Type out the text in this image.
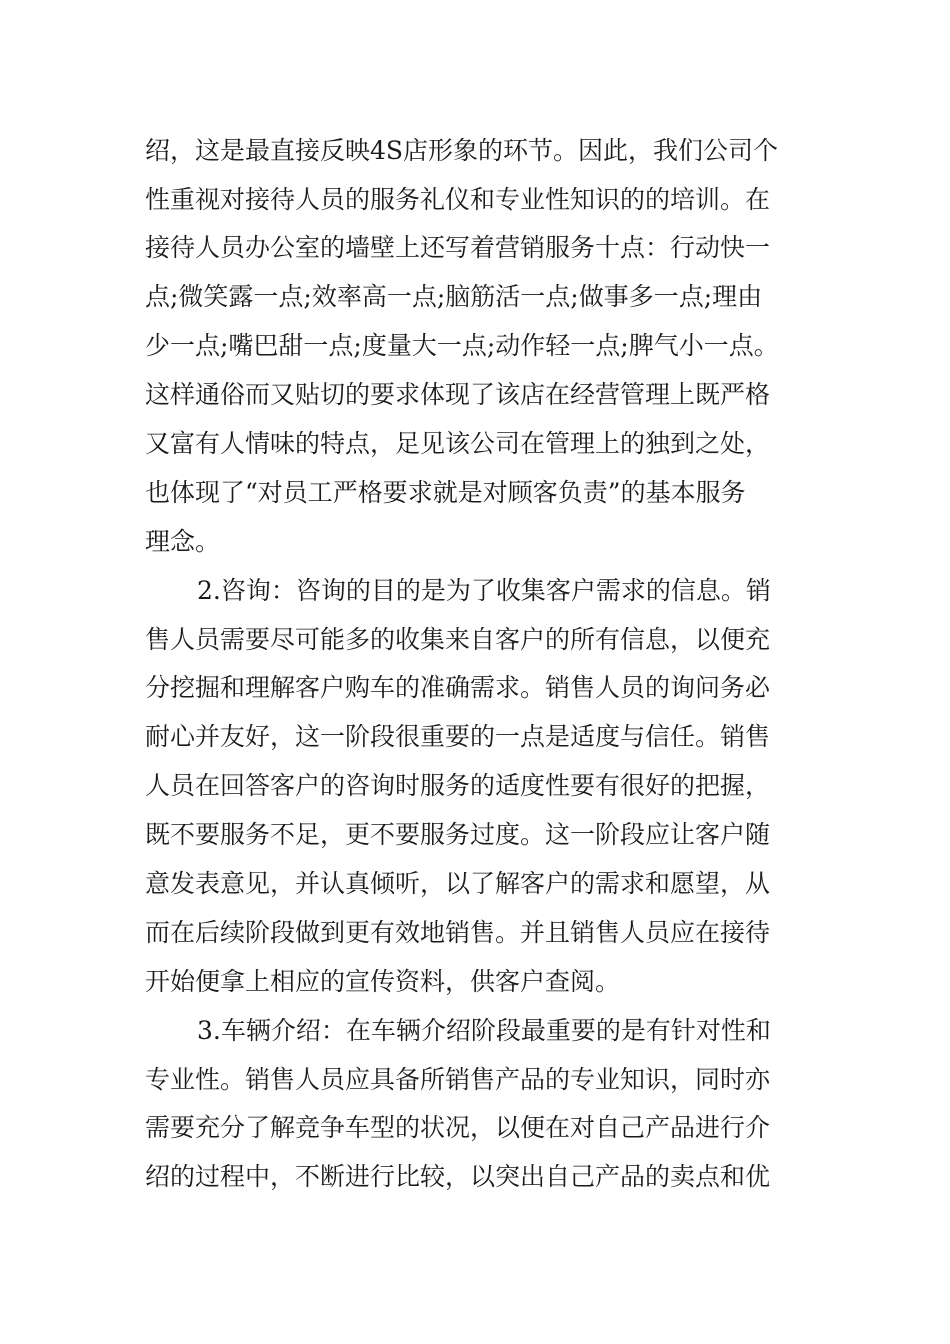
绍，这是最直接反映4S店形象的环节。因此，我们公司个
性重视对接待人员的服务礼仪和专业性知识的的培训。在
接待人员办公室的墙壁上还写着营销服务十点：行动快一
点;微笑露一点;效率高一点;脑筋活一点;做事多一点;理由
少一点;嘴巴甜一点;度量大一点;动作轻一点;脾气小一点。
这样通俗而又贴切的要求体现了该店在经营管理上既严格
又富有人情味的特点，足见该公司在管理上的独到之处，
也体现了“对员工严格要求就是对顾客负责”的基本服务
理念。
2.咨询：咨询的目的是为了收集客户需求的信息。销
售人员需要尽可能多的收集来自客户的所有信息，以便充
分挖掘和理解客户购车的准确需求。销售人员的询问务必
耐心并友好，这一阶段很重要的一点是适度与信任。销售
人员在回答客户的咨询时服务的适度性要有很好的把握，
既不要服务不足，更不要服务过度。这一阶段应让客户随
意发表意见，并认真倾听，以了解客户的需求和愿望，从
而在后续阶段做到更有效地销售。并且销售人员应在接待
开始便拿上相应的宣传资料，供客户查阅。
3.车辆介绍：在车辆介绍阶段最重要的是有针对性和
专业性。销售人员应具备所销售产品的专业知识，同时亦
需要充分了解竞争车型的状况，以便在对自己产品进行介
绍的过程中，不断进行比较，以突出自己产品的卖点和优
